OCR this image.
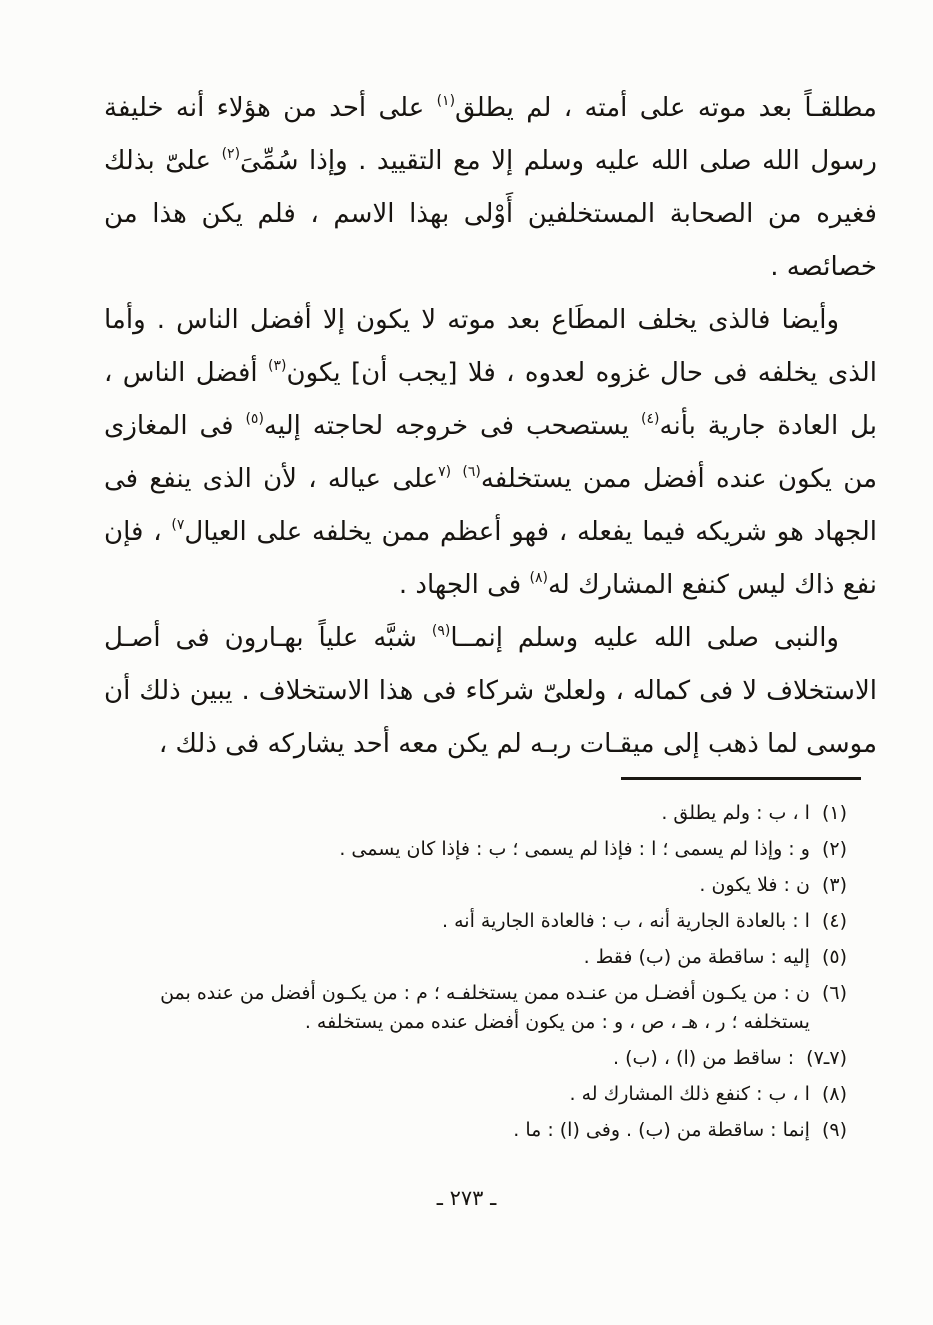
مطلقـاً بعد موته على أمته ، لم يطلق$^{(١)}$ على أحد من هؤلاء أنه خليفة رسول الله صلى الله عليه وسلم إلا مع التقييد . وإذا سُمِّىَ$^{(٢)}$ علىّ بذلك فغيره من الصحابة المستخلفين أَوْلى بهذا الاسم ، فلم يكن هذا من خصائصه .

وأيضا فالذى يخلف المطَاع بعد موته لا يكون إلا أفضل الناس . وأما الذى يخلفه فى حال غزوه لعدوه ، فلا [يجب أن] يكون$^{(٣)}$ أفضل الناس ، بل العادة جارية بأنه$^{(٤)}$ يستصحب فى خروجه لحاجته إليه$^{(٥)}$ فى المغازى من يكون عنده أفضل ممن يستخلفه$^{(٦)}$ $^{(٧}$على عياله ، لأن الذى ينفع فى الجهاد هو شريكه فيما يفعله ، فهو أعظم ممن يخلفه على العيال$^{٧)}$ ، فإن نفع ذاك ليس كنفع المشارك له$^{(٨)}$ فى الجهاد .

والنبى صلى الله عليه وسلم إنمــا$^{(٩)}$ شبَّه علياً بهـارون فى أصـل الاستخلاف لا فى كماله ، ولعلىّ شركاء فى هذا الاستخلاف . يبين ذلك أن موسى لما ذهب إلى ميقـات ربـه لم يكن معه أحد يشاركه فى ذلك ،

(١)
ا ، ب : ولم يطلق .
(٢)
و : وإذا لم يسمى ؛ ا : فإذا لم يسمى ؛ ب : فإذا كان يسمى .
(٣)
ن : فلا يكون .
(٤)
ا : بالعادة الجارية أنه ، ب : فالعادة الجارية أنه .
(٥)
إليه : ساقطة من (ب) فقط .
(٦)
ن : من يكـون أفضـل من عنـده ممن يستخلفـه ؛ م : من يكـون أفضل من عنده بمن يستخلفه ؛ ر ، هـ ، ص ، و : من يكون أفضل عنده ممن يستخلفه .
(٧ـ٧)
: ساقط من (ا) ، (ب) .
(٨)
ا ، ب : كنفع ذلك المشارك له .
(٩)
إنما : ساقطة من (ب) . وفى (ا) : ما .
ـ ٢٧٣ ـ
